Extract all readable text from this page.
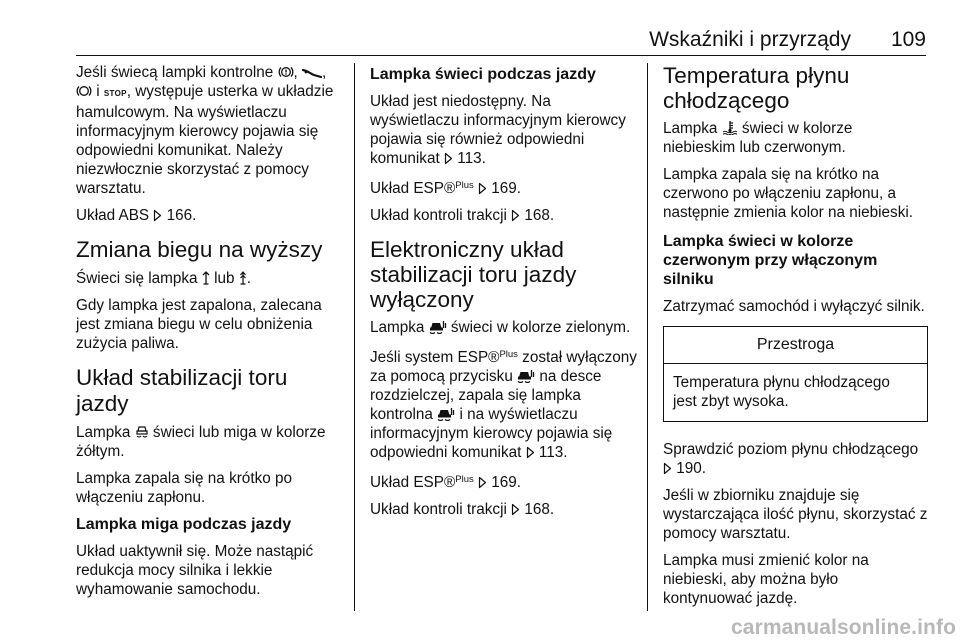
Wskaźniki i przyrządy 109

Jeśli świecą lampki kontrolne , ,
i STOP, występuje usterka w układzie hamulcowym. Na wyświetlaczu informacyjnym kierowcy pojawia się odpowiedni komunikat. Należy niezwłocznie skorzystać z pomocy warsztatu.

Układ ABS 166.

Zmiana biegu na wyższy

Świeci się lampka lub .

Gdy lampka jest zapalona, zalecana jest zmiana biegu w celu obniżenia zużycia paliwa.

Układ stabilizacji toru jazdy

Lampka świeci lub miga w kolorze żółtym.

Lampka zapala się na krótko po włączeniu zapłonu.

Lampka miga podczas jazdy

Układ uaktywnił się. Może nastąpić redukcja mocy silnika i lekkie wyhamowanie samochodu.

Lampka świeci podczas jazdy

Układ jest niedostępny. Na wyświetlaczu informacyjnym kierowcy pojawia się również odpowiedni komunikat 113.

Układ ESP®$^{Plus}$ 169.

Układ kontroli trakcji 168.

Elektroniczny układ stabilizacji toru jazdy wyłączony

Lampka świeci w kolorze zielonym.

Jeśli system ESP®$^{Plus}$ został wyłączony za pomocą przycisku na desce rozdzielczej, zapala się lampka kontrolna i na wyświetlaczu informacyjnym kierowcy pojawia się odpowiedni komunikat 113.

Układ ESP®$^{Plus}$ 169.

Układ kontroli trakcji 168.

Temperatura płynu chłodzącego

Lampka świeci w kolorze niebieskim lub czerwonym.

Lampka zapala się na krótko na czerwono po włączeniu zapłonu, a następnie zmienia kolor na niebieski.

Lampka świeci w kolorze czerwonym przy włączonym silniku

Zatrzymać samochód i wyłączyć silnik.

Przestroga

Temperatura płynu chłodzącego jest zbyt wysoka.

Sprawdzić poziom płynu chłodzącego  190.

Jeśli w zbiorniku znajduje się wystarczająca ilość płynu, skorzystać z pomocy warsztatu.

Lampka musi zmienić kolor na niebieski, aby można było kontynuować jazdę.

carmanualsonline.info
